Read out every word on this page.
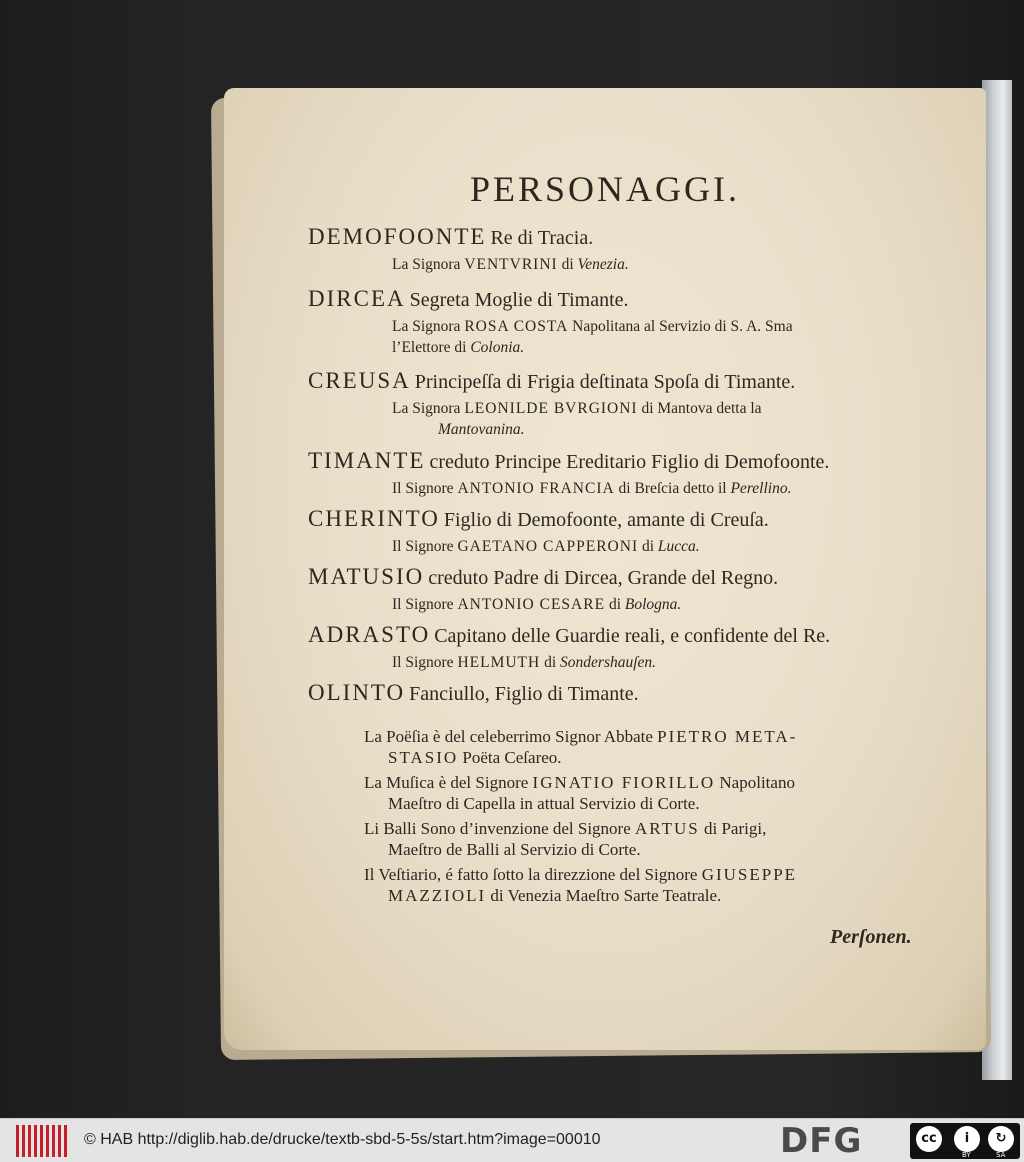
PERSONAGGI.
DEMOFOONTE Re di Tracia.
La Signora VENTVRINI di Venezia.
DIRCEA Segreta Moglie di Timante.
La Signora ROSA COSTA Napolitana al Servizio di S. A. Sma
l’Elettore di Colonia.
CREUSA Principeſſa di Frigia deſtinata Spoſa di Timante.
La Signora LEONILDE BVRGIONI di Mantova detta la
Mantovanina.
TIMANTE creduto Principe Ereditario Figlio di Demofoonte.
Il Signore ANTONIO FRANCIA di Breſcia detto il Perellino.
CHERINTO Figlio di Demofoonte, amante di Creuſa.
Il Signore GAETANO CAPPERONI di Lucca.
MATUSIO creduto Padre di Dircea, Grande del Regno.
Il Signore ANTONIO CESARE di Bologna.
ADRASTO Capitano delle Guardie reali, e confidente del Re.
Il Signore HELMUTH di Sondershauſen.
OLINTO Fanciullo, Figlio di Timante.
La Poëſia è del celeberrimo Signor Abbate PIETRO META-
STASIO Poëta Ceſareo.
La Muſica è del Signore IGNATIO FIORILLO Napolitano
Maeſtro di Capella in attual Servizio di Corte.
Li Balli Sono d’invenzione del Signore ARTUS di Parigi,
Maeſtro de Balli al Servizio di Corte.
Il Veſtiario, é fatto ſotto la direzzione del Signore GIUSEPPE
MAZZIOLI di Venezia Maeſtro Sarte Teatrale.
Perſonen.
© HAB http://diglib.hab.de/drucke/textb-sbd-5-5s/start.htm?image=00010	DFG	cc	i	↻
BY	SA
